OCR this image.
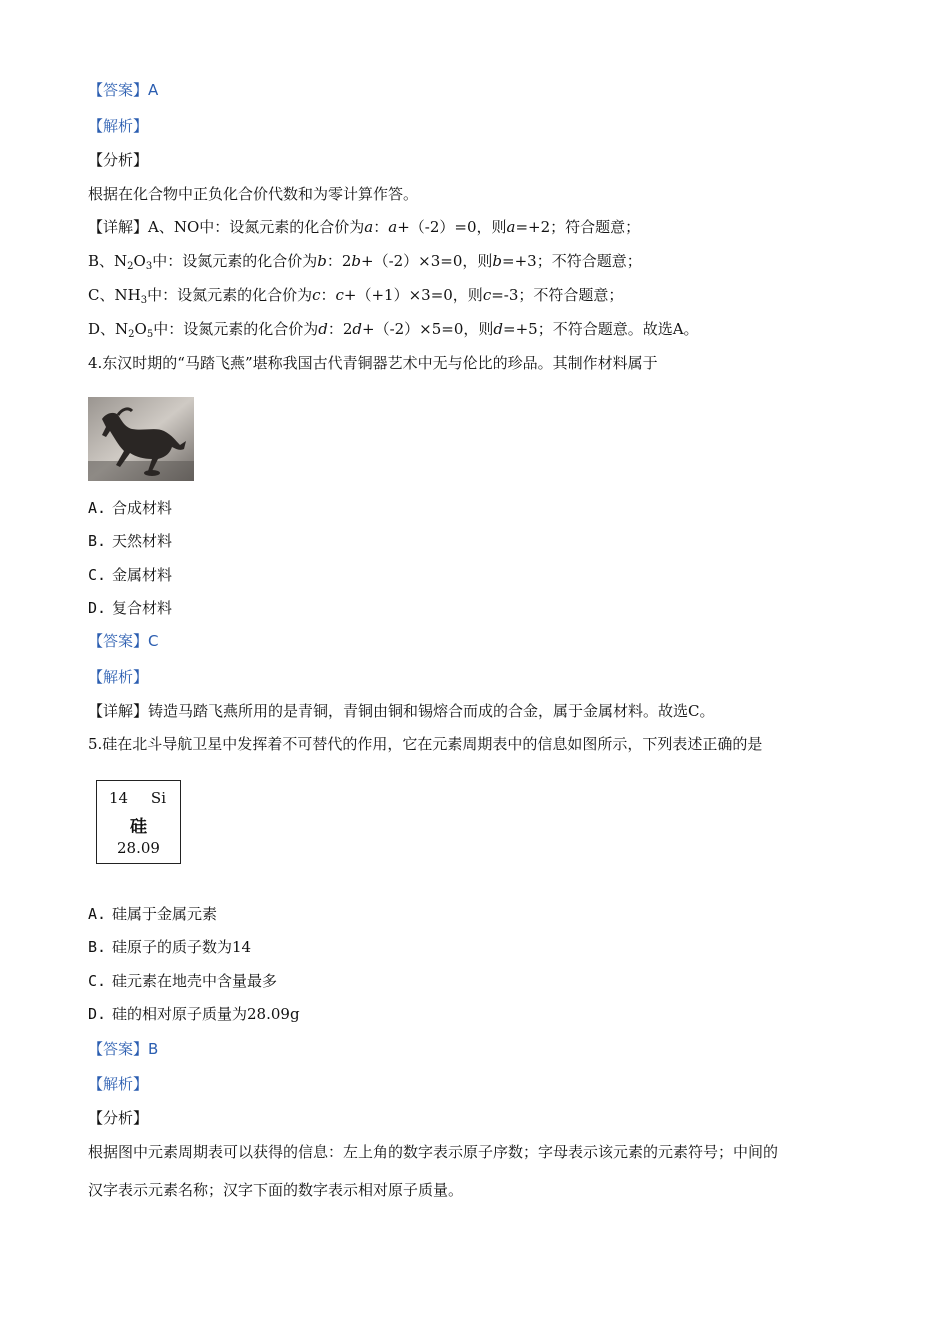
【答案】A
【解析】
【分析】
根据在化合物中正负化合价代数和为零计算作答。
【详解】A、NO中：设氮元素的化合价为a：a+（-2）=0，则a=+2；符合题意；
B、$N_2O_3$中：设氮元素的化合价为b：2b+（-2）×3=0，则b=+3；不符合题意；
C、$NH_3$中：设氮元素的化合价为c：c+（+1）×3=0，则c=-3；不符合题意；
D、$N_2O_5$中：设氮元素的化合价为d：2d+（-2）×5=0，则d=+5；不符合题意。故选A。
4.东汉时期的“马踏飞燕”堪称我国古代青铜器艺术中无与伦比的珍品。其制作材料属于
A. 合成材料
B. 天然材料
C. 金属材料
D. 复合材料
【答案】C
【解析】
【详解】铸造马踏飞燕所用的是青铜，青铜由铜和锡熔合而成的合金，属于金属材料。故选C。
5.硅在北斗导航卫星中发挥着不可替代的作用，它在元素周期表中的信息如图所示，下列表述正确的是
14 Si
硅
28.09
A. 硅属于金属元素
B. 硅原子的质子数为14
C. 硅元素在地壳中含量最多
D. 硅的相对原子质量为28.09g
【答案】B
【解析】
【分析】
根据图中元素周期表可以获得的信息：左上角的数字表示原子序数；字母表示该元素的元素符号；中间的
汉字表示元素名称；汉字下面的数字表示相对原子质量。
